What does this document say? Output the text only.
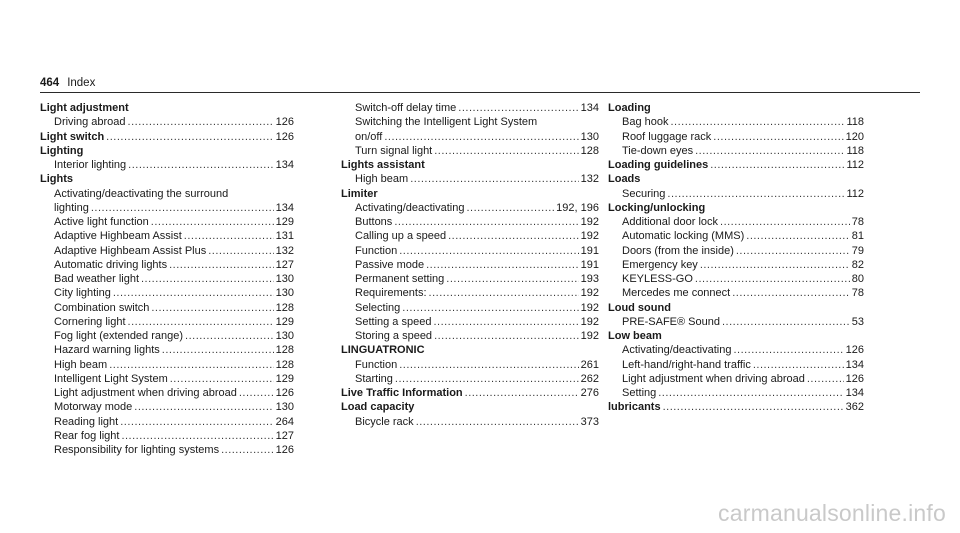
464 Index
Light adjustment
Driving abroad .....	126
Light switch .....	126
Lighting
Interior lighting .....	134
Lights
Activating/deactivating the surround
lighting .....	134
Active light function .....	129
Adaptive Highbeam Assist .....	131
Adaptive Highbeam Assist Plus .....	132
Automatic driving lights .....	127
Bad weather light .....	130
City lighting .....	130
Combination switch .....	128
Cornering light .....	129
Fog light (extended range) .....	130
Hazard warning lights .....	128
High beam .....	128
Intelligent Light System .....	129
Light adjustment when driving abroad .....	126
Motorway mode .....	130
Reading light .....	264
Rear fog light .....	127
Responsibility for lighting systems .....	126
Switch-off delay time .....	134
Switching the Intelligent Light System
on/off .....	130
Turn signal light .....	128
Lights assistant
High beam .....	132
Limiter
Activating/deactivating .....	192, 196
Buttons .....	192
Calling up a speed .....	192
Function .....	191
Passive mode .....	191
Permanent setting .....	193
Requirements: .....	192
Selecting .....	192
Setting a speed .....	192
Storing a speed .....	192
LINGUATRONIC
Function .....	261
Starting .....	262
Live Traffic Information .....	276
Load capacity
Bicycle rack .....	373
Loading
Bag hook .....	118
Roof luggage rack .....	120
Tie-down eyes .....	118
Loading guidelines .....	112
Loads
Securing .....	112
Locking/unlocking
Additional door lock .....	78
Automatic locking (MMS) .....	81
Doors (from the inside) .....	79
Emergency key .....	82
KEYLESS-GO .....	80
Mercedes me connect .....	78
Loud sound
PRE-SAFE® Sound .....	53
Low beam
Activating/deactivating .....	126
Left-hand/right-hand traffic .....	134
Light adjustment when driving abroad .....	126
Setting .....	134
lubricants .....	362
carmanualsonline.info
